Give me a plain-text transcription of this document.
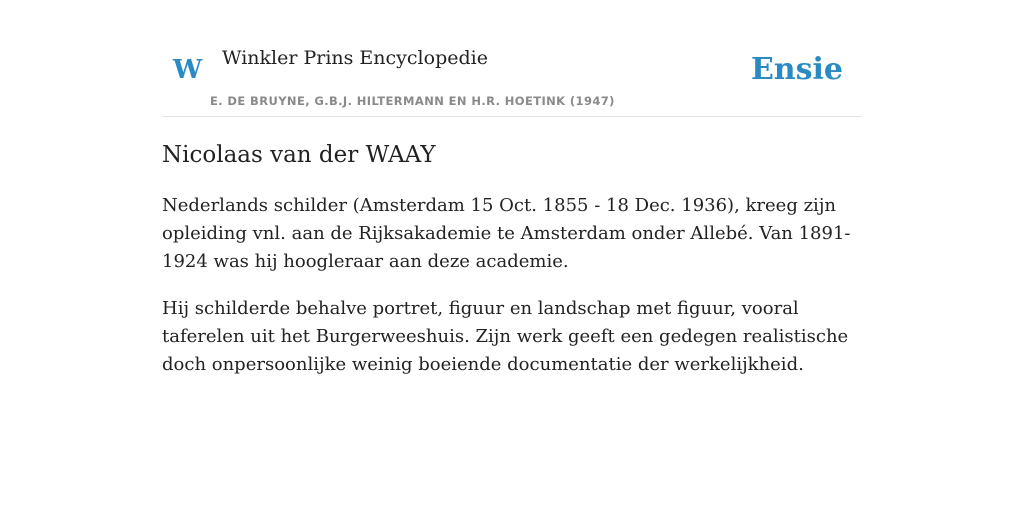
W Winkler Prins Encyclopedie
E. DE BRUYNE, G.B.J. HILTERMANN EN H.R. HOETINK (1947)
Ensie
Nicolaas van der WAAY

Nederlands schilder (Amsterdam 15 Oct. 1855 - 18 Dec. 1936), kreeg zijn opleiding vnl. aan de Rijksakademie te Amsterdam onder Allebé. Van 1891-1924 was hij hoogleraar aan deze academie.

Hij schilderde behalve portret, figuur en landschap met figuur, vooral taferelen uit het Burgerweeshuis. Zijn werk geeft een gedegen realistische doch onpersoonlijke weinig boeiende documentatie der werkelijkheid.
